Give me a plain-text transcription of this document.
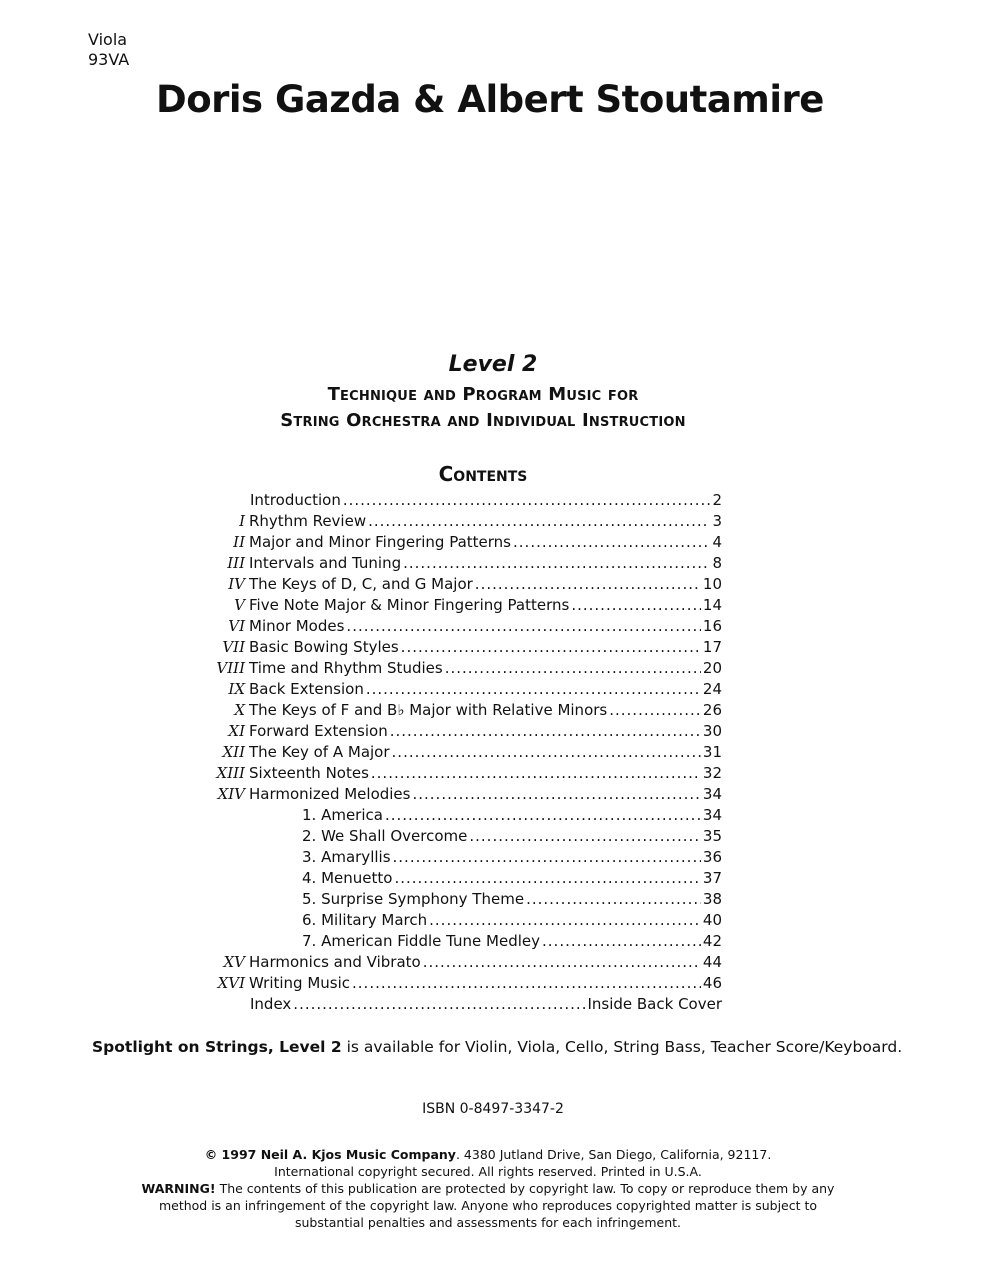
Viola
93VA
Doris Gazda & Albert Stoutamire
Level 2
Technique and Program Music for
String Orchestra and Individual Instruction
Contents
Introduction .....	2
I Rhythm Review .....	3
II Major and Minor Fingering Patterns .....	4
III Intervals and Tuning .....	8
IV The Keys of D, C, and G Major .....	10
V Five Note Major & Minor Fingering Patterns .....	14
VI Minor Modes .....	16
VII Basic Bowing Styles .....	17
VIII Time and Rhythm Studies .....	20
IX Back Extension .....	24
X The Keys of F and B♭ Major with Relative Minors .....	26
XI Forward Extension .....	30
XII The Key of A Major .....	31
XIII Sixteenth Notes .....	32
XIV Harmonized Melodies .....	34
1. America .....	34
2. We Shall Overcome .....	35
3. Amaryllis .....	36
4. Menuetto .....	37
5. Surprise Symphony Theme .....	38
6. Military March .....	40
7. American Fiddle Tune Medley .....	42
XV Harmonics and Vibrato .....	44
XVI Writing Music .....	46
Index .....	Inside Back Cover
Spotlight on Strings, Level 2 is available for Violin, Viola, Cello, String Bass, Teacher Score/Keyboard.
ISBN 0-8497-3347-2
© 1997 Neil A. Kjos Music Company. 4380 Jutland Drive, San Diego, California, 92117.
International copyright secured. All rights reserved. Printed in U.S.A.
WARNING! The contents of this publication are protected by copyright law. To copy or reproduce them by any
method is an infringement of the copyright law. Anyone who reproduces copyrighted matter is subject to
substantial penalties and assessments for each infringement.
